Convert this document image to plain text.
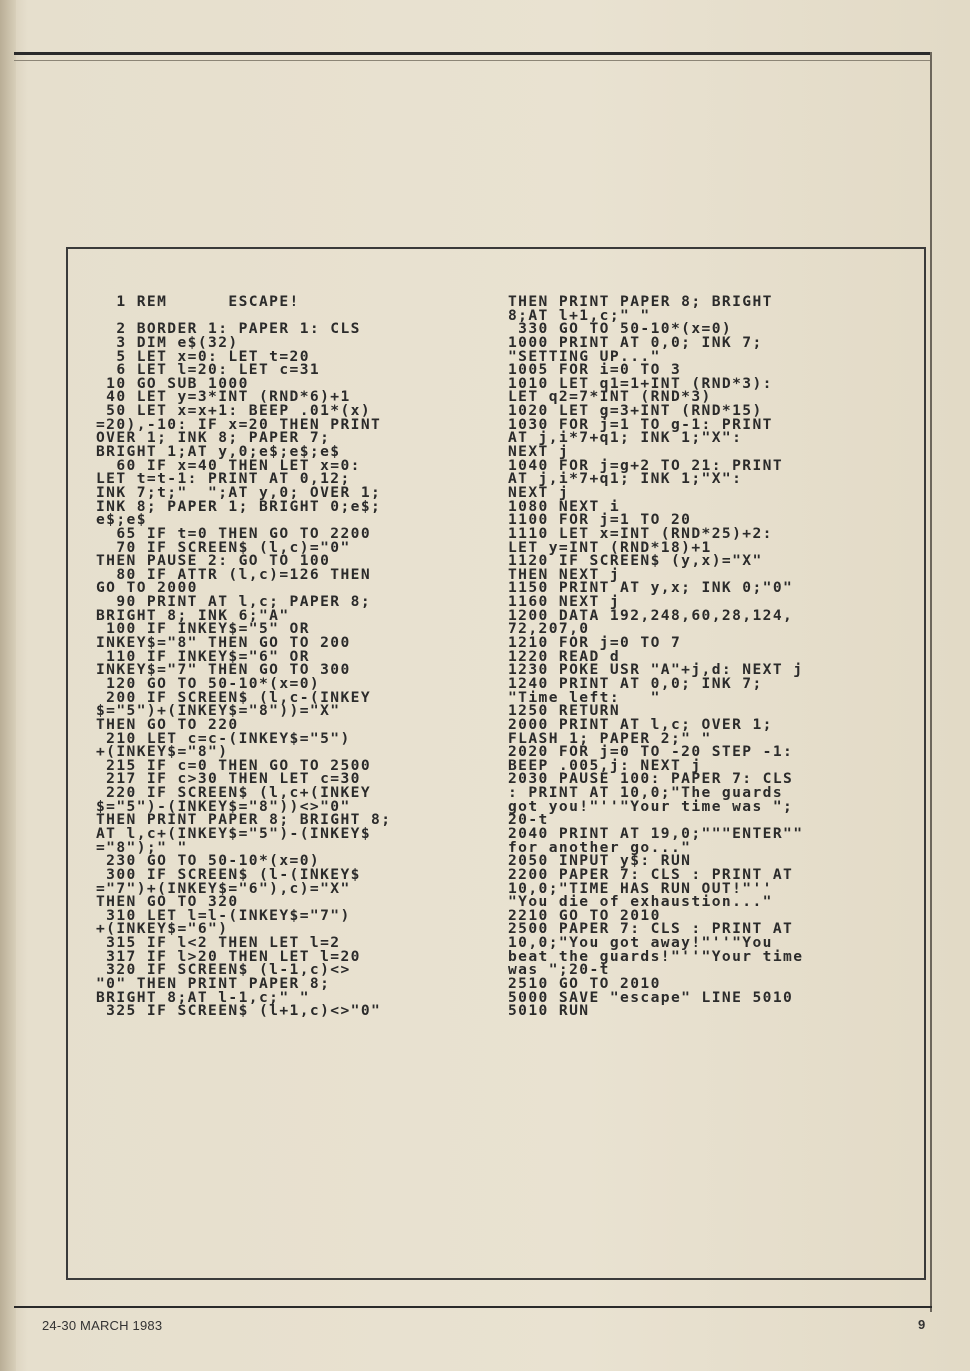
1 REM      ESCAPE!
2 BORDER 1: PAPER 1: CLS
3 DIM e$(32)
5 LET x=0: LET t=20
6 LET l=20: LET c=31
10 GO SUB 1000
40 LET y=3*INT (RND*6)+1
50 LET x=x+1: BEEP .01*(x)
=20),-10: IF x=20 THEN PRINT
OVER 1; INK 8; PAPER 7;
BRIGHT 1;AT y,0;e$;e$;e$
60 IF x=40 THEN LET x=0:
LET t=t-1: PRINT AT 0,12;
INK 7;t;"  ";AT y,0; OVER 1;
INK 8; PAPER 1; BRIGHT 0;e$;
e$;e$
65 IF t=0 THEN GO TO 2200
70 IF SCREEN$ (l,c)="0"
THEN PAUSE 2: GO TO 100
80 IF ATTR (l,c)=126 THEN
GO TO 2000
90 PRINT AT l,c; PAPER 8;
BRIGHT 8; INK 6;"A"
100 IF INKEY$="5" OR
INKEY$="8" THEN GO TO 200
110 IF INKEY$="6" OR
INKEY$="7" THEN GO TO 300
120 GO TO 50-10*(x=0)
200 IF SCREEN$ (l,c-(INKEY
$="5")+(INKEY$="8"))="X"
THEN GO TO 220
210 LET c=c-(INKEY$="5")
+(INKEY$="8")
215 IF c=0 THEN GO TO 2500
217 IF c>30 THEN LET c=30
220 IF SCREEN$ (l,c+(INKEY
$="5")-(INKEY$="8"))<>"0"
THEN PRINT PAPER 8; BRIGHT 8;
AT l,c+(INKEY$="5")-(INKEY$
="8");" "
230 GO TO 50-10*(x=0)
300 IF SCREEN$ (l-(INKEY$
="7")+(INKEY$="6"),c)="X"
THEN GO TO 320
310 LET l=l-(INKEY$="7")
+(INKEY$="6")
315 IF l<2 THEN LET l=2
317 IF l>20 THEN LET l=20
320 IF SCREEN$ (l-1,c)<>
"0" THEN PRINT PAPER 8;
BRIGHT 8;AT l-1,c;" "
325 IF SCREEN$ (l+1,c)<>"0"
THEN PRINT PAPER 8; BRIGHT
8;AT l+1,c;" "
330 GO TO 50-10*(x=0)
1000 PRINT AT 0,0; INK 7;
"SETTING UP..."
1005 FOR i=0 TO 3
1010 LET q1=1+INT (RND*3):
LET q2=7*INT (RND*3)
1020 LET g=3+INT (RND*15)
1030 FOR j=1 TO g-1: PRINT
AT j,i*7+q1; INK 1;"X":
NEXT j
1040 FOR j=g+2 TO 21: PRINT
AT j,i*7+q1; INK 1;"X":
NEXT j
1080 NEXT i
1100 FOR j=1 TO 20
1110 LET x=INT (RND*25)+2:
LET y=INT (RND*18)+1
1120 IF SCREEN$ (y,x)="X"
THEN NEXT j
1150 PRINT AT y,x; INK 0;"0"
1160 NEXT j
1200 DATA 192,248,60,28,124,
72,207,0
1210 FOR j=0 TO 7
1220 READ d
1230 POKE USR "A"+j,d: NEXT j
1240 PRINT AT 0,0; INK 7;
"Time left:   "
1250 RETURN
2000 PRINT AT l,c; OVER 1;
FLASH 1; PAPER 2;" "
2020 FOR j=0 TO -20 STEP -1:
BEEP .005,j: NEXT j
2030 PAUSE 100: PAPER 7: CLS
: PRINT AT 10,0;"The guards
got you!"''"Your time was ";
20-t
2040 PRINT AT 19,0;"""ENTER""
for another go..."
2050 INPUT y$: RUN
2200 PAPER 7: CLS : PRINT AT
10,0;"TIME HAS RUN OUT!"''
"You die of exhaustion..."
2210 GO TO 2010
2500 PAPER 7: CLS : PRINT AT
10,0;"You got away!"''"You
beat the guards!"''"Your time
was ";20-t
2510 GO TO 2010
5000 SAVE "escape" LINE 5010
5010 RUN
24-30 MARCH 1983	9
